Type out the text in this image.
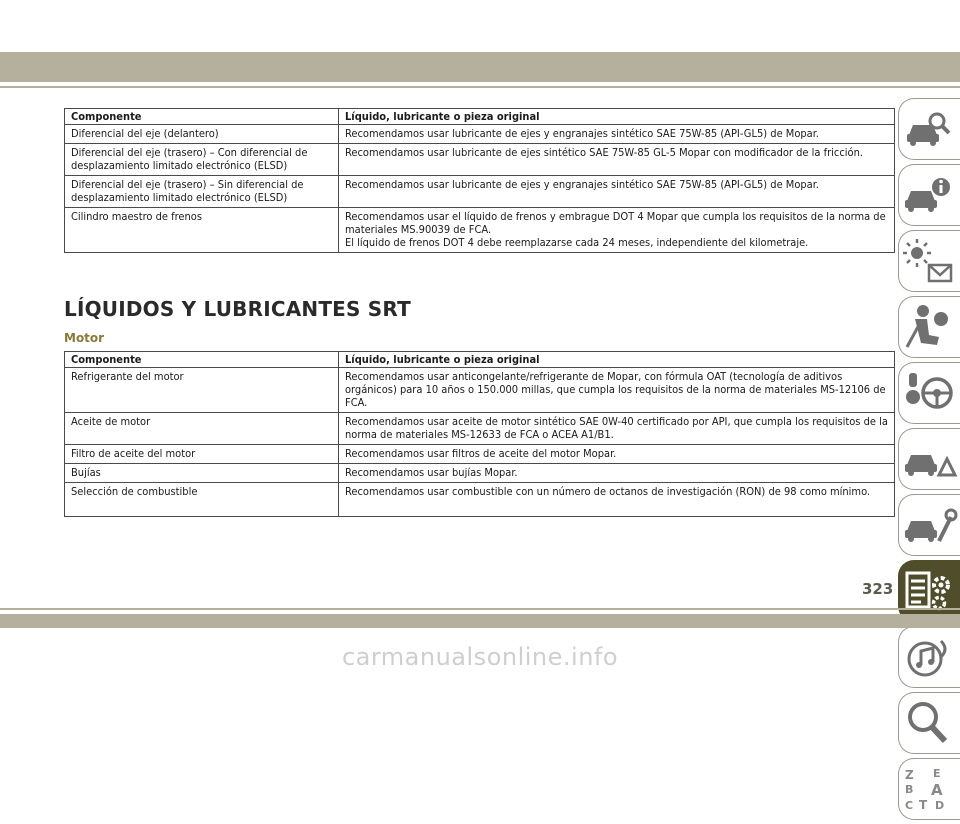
Componente	Líquido, lubricante o pieza original
Diferencial del eje (delantero)	Recomendamos usar lubricante de ejes y engranajes sintético SAE 75W-85 (API-GL5) de Mopar.
Diferencial del eje (trasero) – Con diferencial de desplazamiento limitado electrónico (ELSD)	Recomendamos usar lubricante de ejes sintético SAE 75W-85 GL-5 Mopar con modificador de la fricción.
Diferencial del eje (trasero) – Sin diferencial de desplazamiento limitado electrónico (ELSD)	Recomendamos usar lubricante de ejes y engranajes sintético SAE 75W-85 (API-GL5) de Mopar.
Cilindro maestro de frenos	Recomendamos usar el líquido de frenos y embrague DOT 4 Mopar que cumpla los requisitos de la norma de materiales MS.90039 de FCA.
El líquido de frenos DOT 4 debe reemplazarse cada 24 meses, independiente del kilometraje.
LÍQUIDOS Y LUBRICANTES SRT
Motor
Componente	Líquido, lubricante o pieza original
Refrigerante del motor	Recomendamos usar anticongelante/refrigerante de Mopar, con fórmula OAT (tecnología de aditivos orgánicos) para 10 años o 150.000 millas, que cumpla los requisitos de la norma de materiales MS-12106 de FCA.
Aceite de motor	Recomendamos usar aceite de motor sintético SAE 0W-40 certificado por API, que cumpla los requisitos de la norma de materiales MS-12633 de FCA o ACEA A1/B1.
Filtro de aceite del motor	Recomendamos usar filtros de aceite del motor Mopar.
Bujías	Recomendamos usar bujías Mopar.
Selección de combustible	Recomendamos usar combustible con un número de octanos de investigación (RON) de 98 como mínimo.
Z E
B A
C T D
323
carmanualsonline.info
